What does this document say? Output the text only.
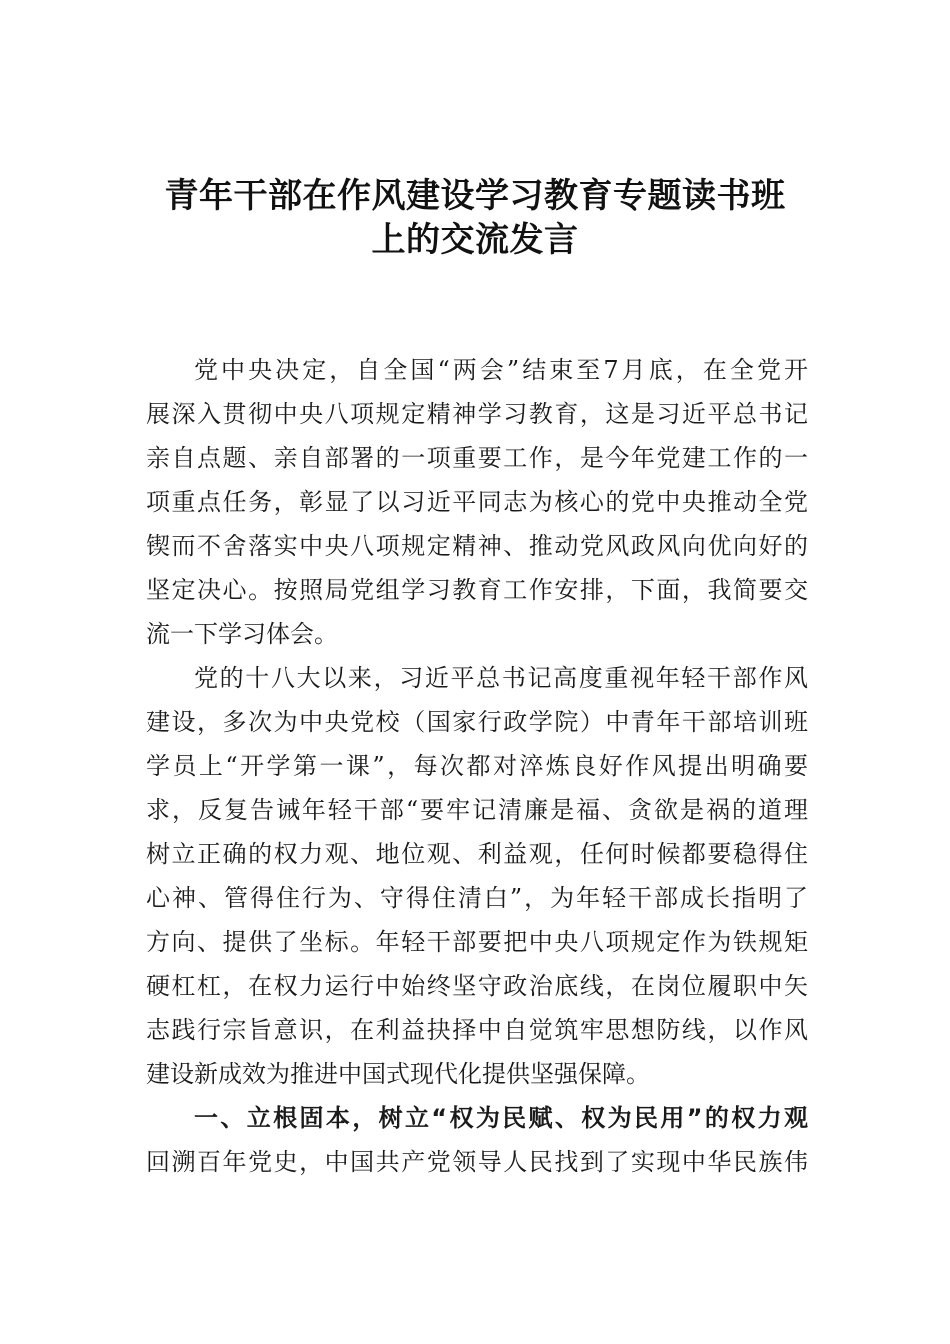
青年干部在作风建设学习教育专题读书班
上的交流发言

党中央决定，自全国“两会”结束至7月底，在全党开
展深入贯彻中央八项规定精神学习教育，这是习近平总书记
亲自点题、亲自部署的一项重要工作，是今年党建工作的一
项重点任务，彰显了以习近平同志为核心的党中央推动全党
锲而不舍落实中央八项规定精神、推动党风政风向优向好的
坚定决心。按照局党组学习教育工作安排，下面，我简要交
流一下学习体会。

党的十八大以来，习近平总书记高度重视年轻干部作风
建设，多次为中央党校（国家行政学院）中青年干部培训班
学员上“开学第一课”，每次都对淬炼良好作风提出明确要
求，反复告诫年轻干部“要牢记清廉是福、贪欲是祸的道理
树立正确的权力观、地位观、利益观，任何时候都要稳得住
心神、管得住行为、守得住清白”，为年轻干部成长指明了
方向、提供了坐标。年轻干部要把中央八项规定作为铁规矩
硬杠杠，在权力运行中始终坚守政治底线，在岗位履职中矢
志践行宗旨意识，在利益抉择中自觉筑牢思想防线，以作风
建设新成效为推进中国式现代化提供坚强保障。

一、立根固本，树立“权为民赋、权为民用”的权力观

回溯百年党史，中国共产党领导人民找到了实现中华民族伟
